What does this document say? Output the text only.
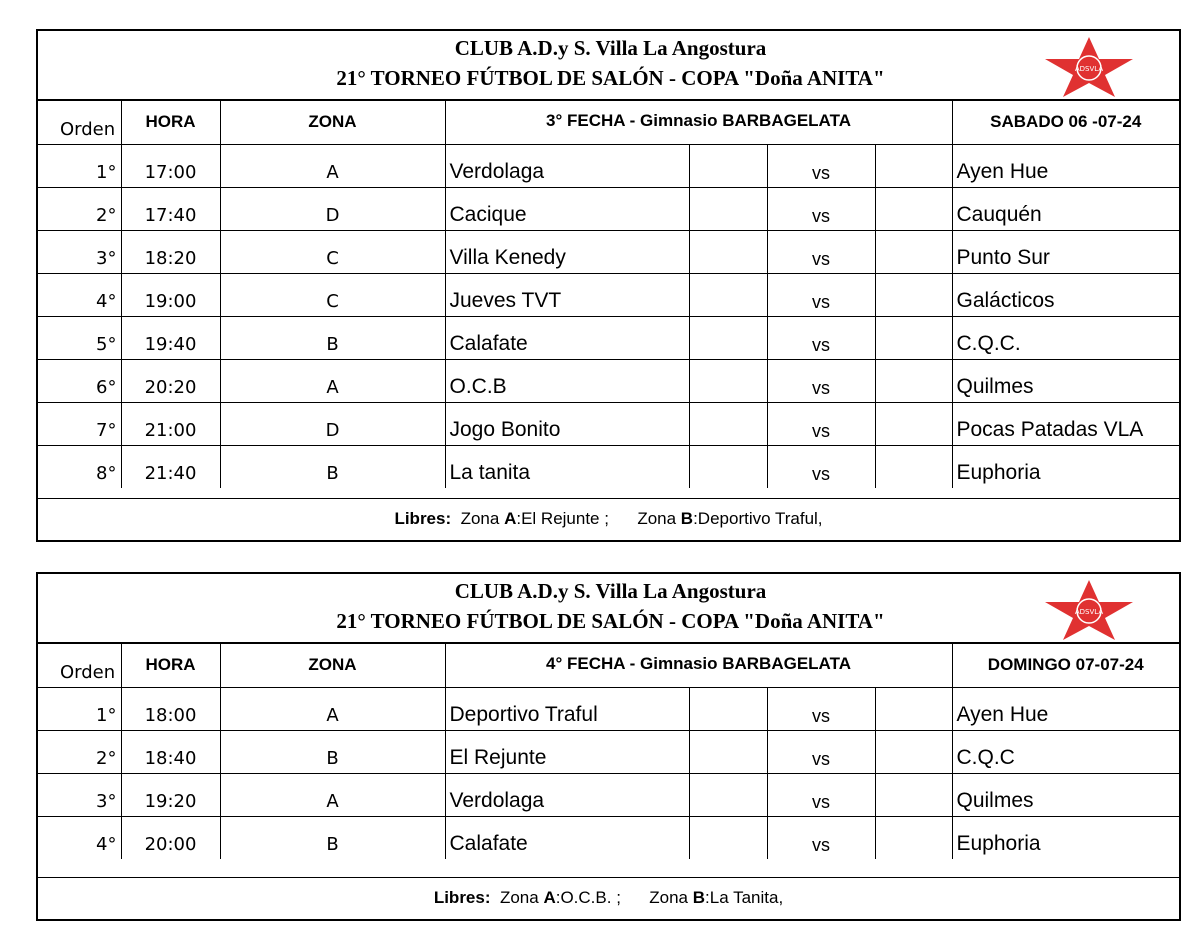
CLUB A.D.y S. Villa La Angostura
21° TORNEO FÚTBOL DE SALÓN - COPA "Doña ANITA"	ADSVLA
Orden	HORA	ZONA	3° FECHA - Gimnasio BARBAGELATA				SABADO 06 -07-24
1°	17:00	A	Verdolaga		vs		Ayen Hue
2°	17:40	D	Cacique		vs		Cauquén
3°	18:20	C	Villa Kenedy		vs		Punto Sur
4°	19:00	C	Jueves TVT		vs		Galácticos
5°	19:40	B	Calafate		vs		C.Q.C.
6°	20:20	A	O.C.B		vs		Quilmes
7°	21:00	D	Jogo Bonito		vs		Pocas Patadas VLA
8°	21:40	B	La tanita		vs		Euphoria
Libres: Zona A:El Rejunte ; Zona B:Deportivo Traful,
CLUB A.D.y S. Villa La Angostura
21° TORNEO FÚTBOL DE SALÓN - COPA "Doña ANITA"	ADSVLA
Orden	HORA	ZONA	4° FECHA - Gimnasio BARBAGELATA				DOMINGO 07-07-24
1°	18:00	A	Deportivo Traful		vs		Ayen Hue
2°	18:40	B	El Rejunte		vs		C.Q.C
3°	19:20	A	Verdolaga		vs		Quilmes
4°	20:00	B	Calafate		vs		Euphoria
Libres: Zona A:O.C.B. ; Zona B:La Tanita,
